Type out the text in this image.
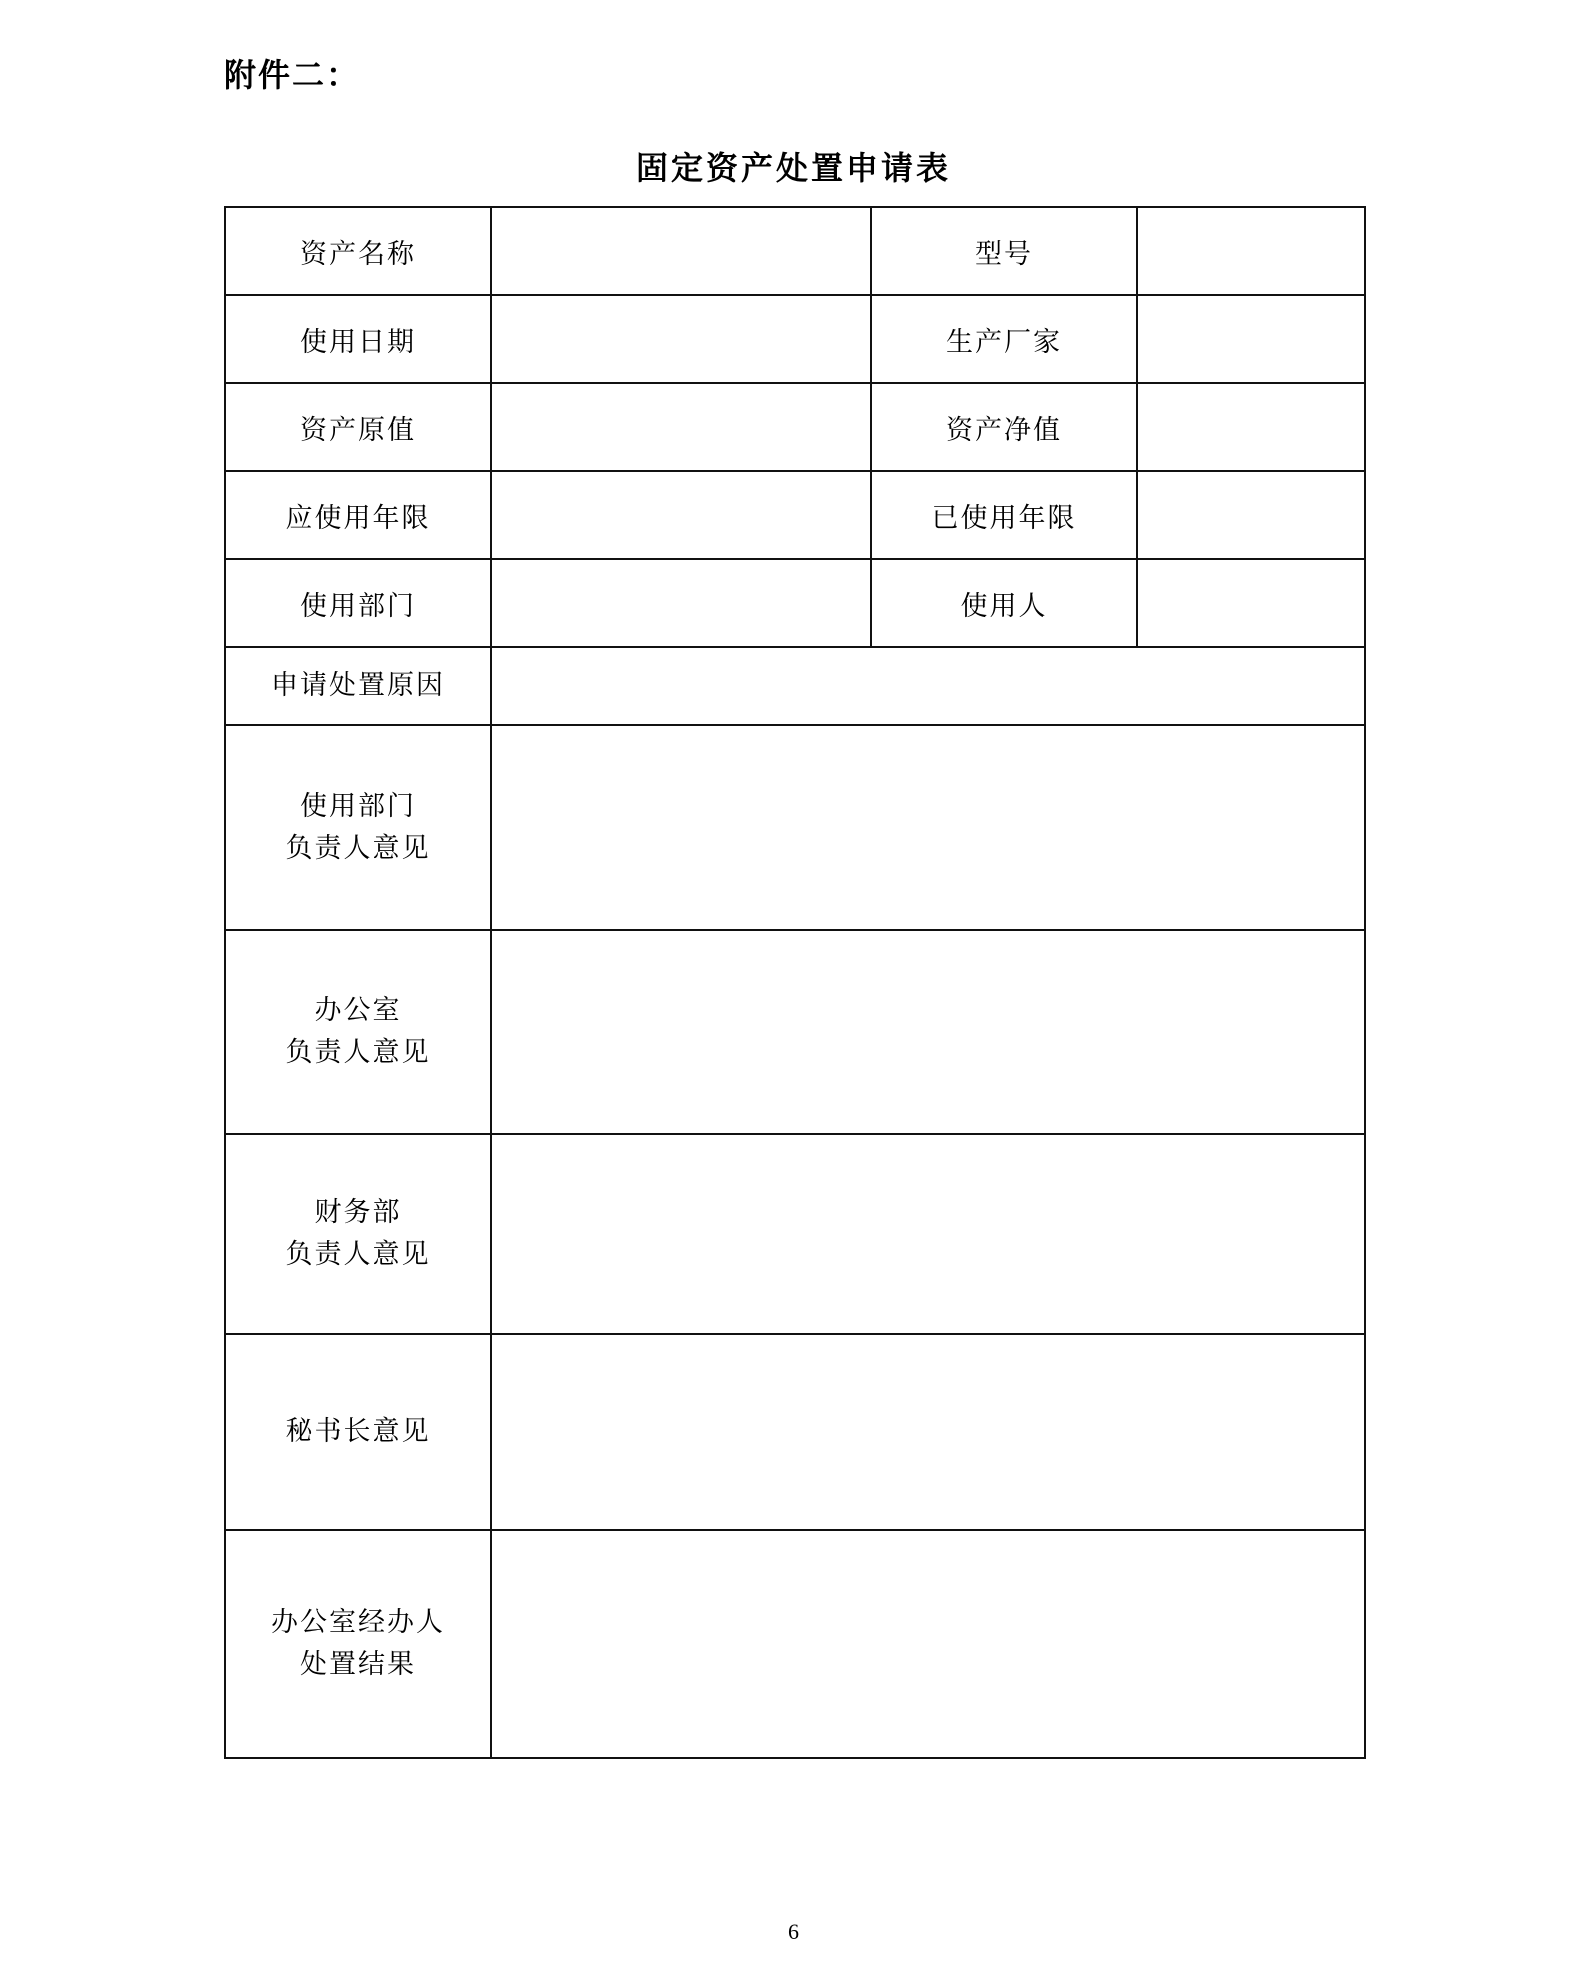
附件二：
固定资产处置申请表
资产名称		型号	
使用日期		生产厂家	
资产原值		资产净值	
应使用年限		已使用年限	
使用部门		使用人	

申请处置原因			

使用部门
负责人意见			

办公室
负责人意见			

财务部
负责人意见			

秘书长意见			

办公室经办人
处置结果			

6
